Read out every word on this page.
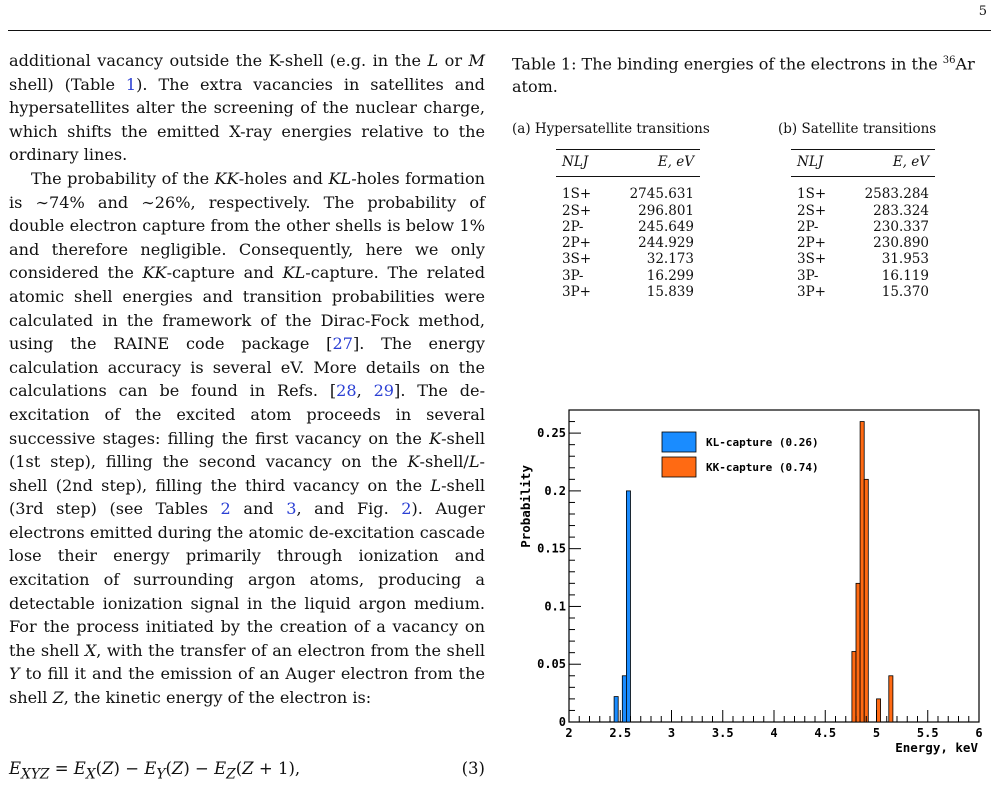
5

additional vacancy outside the K-shell (e.g. in the L or M shell) (Table 1). The extra vacancies in satellites and hypersatellites alter the screening of the nuclear charge, which shifts the emitted X-ray energies relative to the ordinary lines.

The probability of the KK-holes and KL-holes formation is ∼74% and ∼26%, respectively. The probability of double electron capture from the other shells is below 1% and therefore negligible. Consequently, here we only considered the KK-capture and KL-capture. The related atomic shell energies and transition probabilities were calculated in the framework of the Dirac-Fock method, using the RAINE code package [27]. The energy calculation accuracy is several eV. More details on the calculations can be found in Refs. [28, 29]. The de-excitation of the excited atom proceeds in several successive stages: filling the first vacancy on the K-shell (1st step), filling the second vacancy on the K-shell/L-shell (2nd step), filling the third vacancy on the L-shell (3rd step) (see Tables 2 and 3, and Fig. 2). Auger electrons emitted during the atomic de-excitation cascade lose their energy primarily through ionization and excitation of surrounding argon atoms, producing a detectable ionization signal in the liquid argon medium. For the process initiated by the creation of a vacancy on the shell X, with the transfer of an electron from the shell Y to fill it and the emission of an Auger electron from the shell Z, the kinetic energy of the electron is:

$E_{XYZ} = E_X(Z) - E_Y(Z) - E_Z(Z + 1)$,	(3)
Table 1: The binding energies of the electrons in the $^{36}$Ar atom.
(a) Hypersatellite transitions
NLJ	E, eV
1S+	2745.631
2S+	296.801
2P-	245.649
2P+	244.929
3S+	32.173
3P-	16.299
3P+	15.839
(b) Satellite transitions
NLJ	E, eV
1S+	2583.284
2S+	283.324
2P-	230.337
2P+	230.890
3S+	31.953
3P-	16.119
3P+	15.370
0
0.05
0.1
0.15
0.2
0.25
2	2.5	3	3.5	4	4.5	5	5.5	6
Probability
Energy, keV
KL-capture (0.26)
KK-capture (0.74)
